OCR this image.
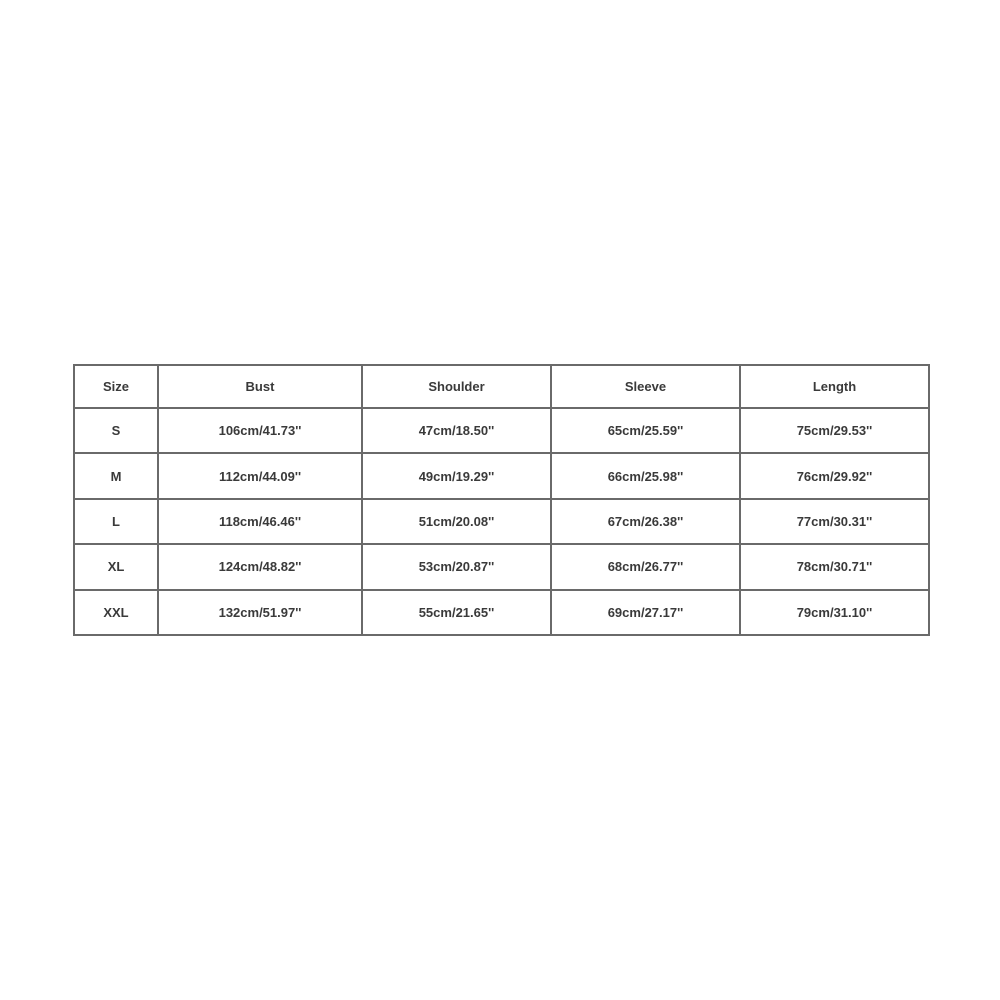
Size	Bust	Shoulder	Sleeve	Length
S	106cm/41.73''	47cm/18.50''	65cm/25.59''	75cm/29.53''
M	112cm/44.09''	49cm/19.29''	66cm/25.98''	76cm/29.92''
L	118cm/46.46''	51cm/20.08''	67cm/26.38''	77cm/30.31''
XL	124cm/48.82''	53cm/20.87''	68cm/26.77''	78cm/30.71''
XXL	132cm/51.97''	55cm/21.65''	69cm/27.17''	79cm/31.10''
